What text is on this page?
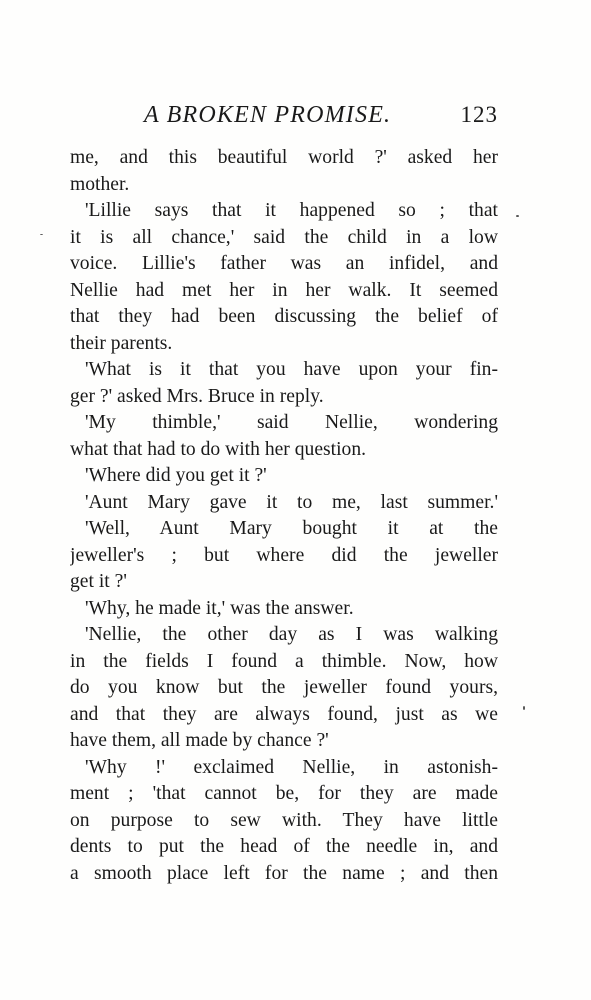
A BROKEN PROMISE.	123
me, and this beautiful world ?' asked her
mother.
'Lillie says that it happened so ; that
it is all chance,' said the child in a low
voice. Lillie's father was an infidel, and
Nellie had met her in her walk. It seemed
that they had been discussing the belief of
their parents.
'What is it that you have upon your fin-
ger ?' asked Mrs. Bruce in reply.
'My thimble,' said Nellie, wondering
what that had to do with her question.
'Where did you get it ?'
'Aunt Mary gave it to me, last summer.'
'Well, Aunt Mary bought it at the
jeweller's ; but where did the jeweller
get it ?'
'Why, he made it,' was the answer.
'Nellie, the other day as I was walking
in the fields I found a thimble. Now, how
do you know but the jeweller found yours,
and that they are always found, just as we
have them, all made by chance ?'
'Why !' exclaimed Nellie, in astonish-
ment ; 'that cannot be, for they are made
on purpose to sew with. They have little
dents to put the head of the needle in, and
a smooth place left for the name ; and then
